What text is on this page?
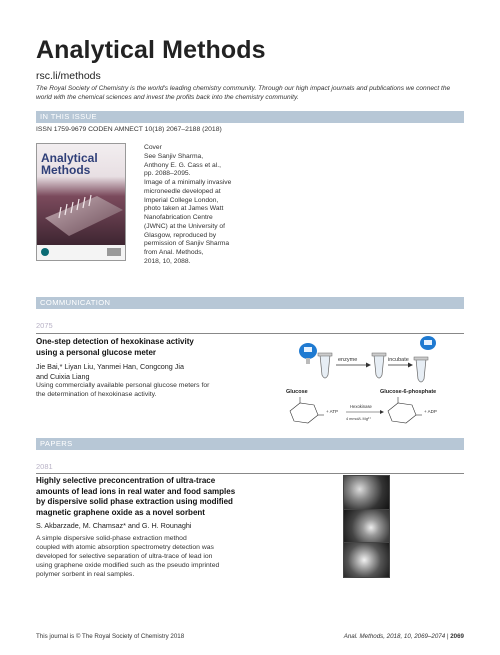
Analytical Methods
rsc.li/methods
The Royal Society of Chemistry is the world's leading chemistry community. Through our high impact journals and publications we connect the world with the chemical sciences and invest the profits back into the chemistry community.
IN THIS ISSUE
ISSN 1759-9679 CODEN AMNECT 10(18) 2067–2188 (2018)
Analytical
Methods
Cover
See Sanjiv Sharma,
Anthony E. G. Cass et al.,
pp. 2088–2095.
Image of a minimally invasive
microneedle developed at
Imperial College London,
photo taken at James Watt
Nanofabrication Centre
(JWNC) at the University of
Glasgow, reproduced by
permission of Sanjiv Sharma
from Anal. Methods,
2018, 10, 2088.
COMMUNICATION
2075
One-step detection of hexokinase activity
using a personal glucose meter
Jie Bai,* Liyan Liu, Yanmei Han, Congcong Jia
and Cuixia Liang
Using commercially available personal glucose meters for
the determination of hexokinase activity.
enzyme	incubate
Glucose	Glucose-6-phosphate
+ ATP
Hexokinase
4 mmol/L Mg²⁺
+ ADP
PAPERS
2081
Highly selective preconcentration of ultra-trace
amounts of lead ions in real water and food samples
by dispersive solid phase extraction using modified
magnetic graphene oxide as a novel sorbent
S. Akbarzade, M. Chamsaz* and G. H. Rounaghi
A simple dispersive solid-phase extraction method
coupled with atomic absorption spectrometry detection was
developed for selective separation of ultra-trace of lead ion
using graphene oxide modified such as the pseudo imprinted
polymer sorbent in real samples.
This journal is © The Royal Society of Chemistry 2018	Anal. Methods, 2018, 10, 2069–2074 | 2069
